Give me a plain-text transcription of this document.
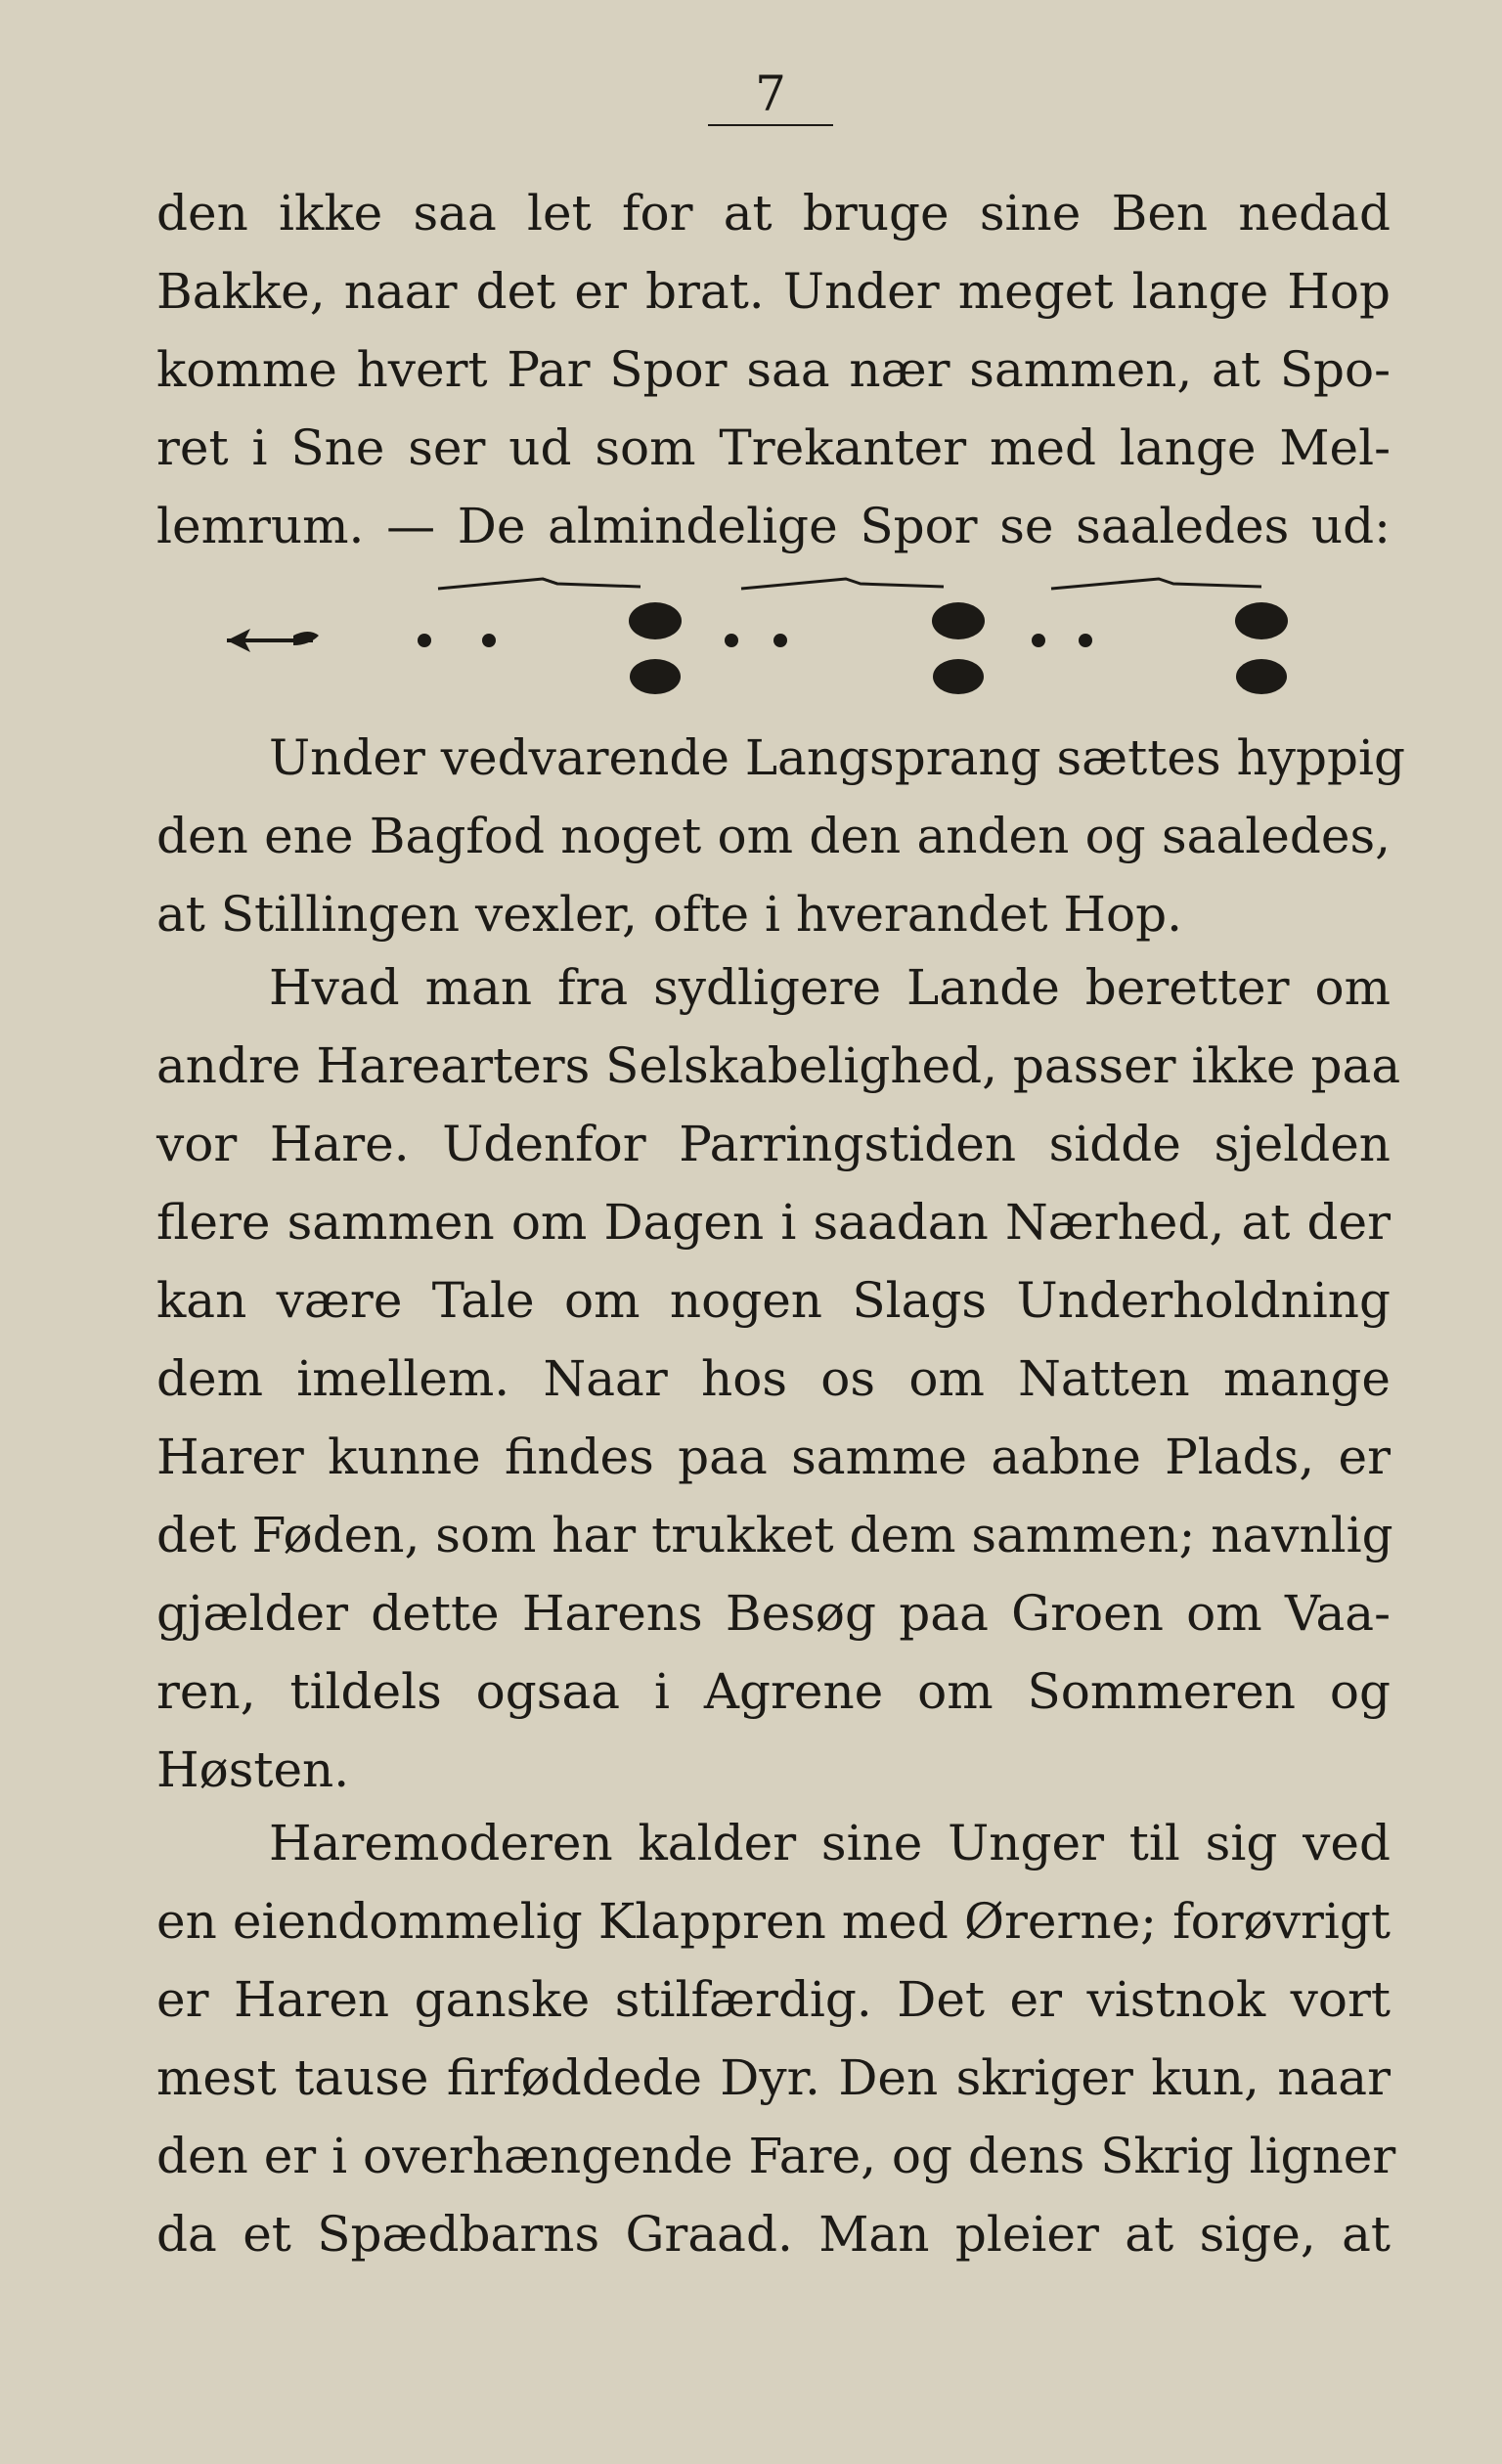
7
den ikke saa let for at bruge sine Ben nedad
Bakke, naar det er brat. Under meget lange Hop
komme hvert Par Spor saa nær sammen, at Spo-
ret i Sne ser ud som Trekanter med lange Mel-
lemrum. — De almindelige Spor se saaledes ud:
Under vedvarende Langsprang sættes hyppig
den ene Bagfod noget om den anden og saaledes,
at Stillingen vexler, ofte i hverandet Hop.
Hvad man fra sydligere Lande beretter om
andre Harearters Selskabelighed, passer ikke paa
vor Hare. Udenfor Parringstiden sidde sjelden
flere sammen om Dagen i saadan Nærhed, at der
kan være Tale om nogen Slags Underholdning
dem imellem. Naar hos os om Natten mange
Harer kunne findes paa samme aabne Plads, er
det Føden, som har trukket dem sammen; navnlig
gjælder dette Harens Besøg paa Groen om Vaa-
ren, tildels ogsaa i Agrene om Sommeren og
Høsten.
Haremoderen kalder sine Unger til sig ved
en eiendommelig Klappren med Ørerne; forøvrigt
er Haren ganske stilfærdig. Det er vistnok vort
mest tause firføddede Dyr. Den skriger kun, naar
den er i overhængende Fare, og dens Skrig ligner
da et Spædbarns Graad. Man pleier at sige, at
